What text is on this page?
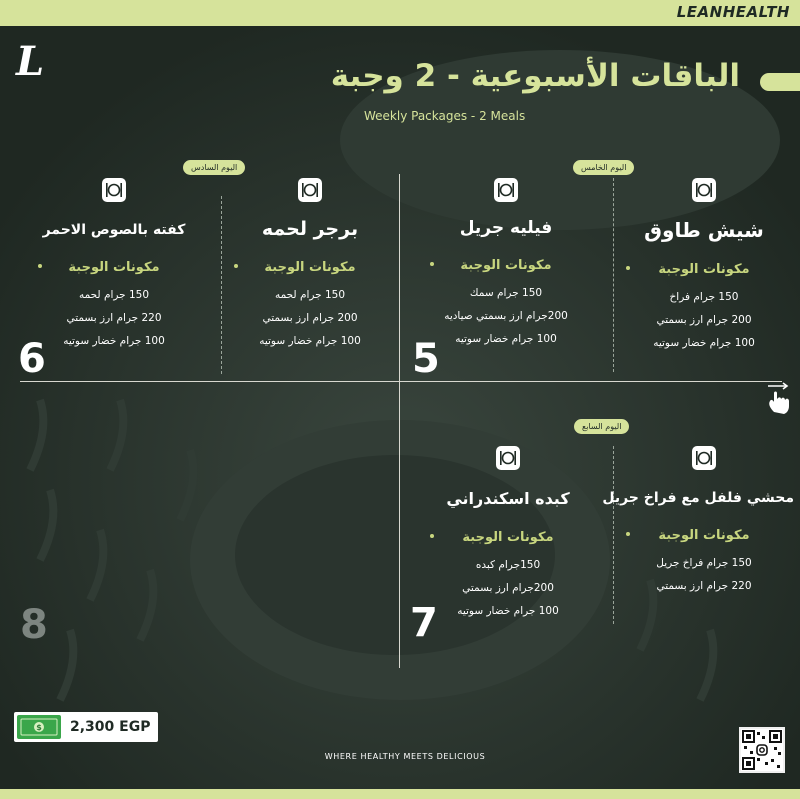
LEANHEALTH
L	الباقات الأسبوعية - 2 وجبة
Weekly Packages - 2 Meals
اليوم الخامس
اليوم السادس
اليوم السابع
شيش طاوق
مكونات الوجبة
150 جرام فراخ
200 جرام ارز بسمتي
100 جرام خضار سوتيه
فيليه جريل
مكونات الوجبة
150 جرام سمك
200جرام ارز بسمتي صياديه
100 جرام خضار سوتيه
برجر لحمه
مكونات الوجبة
150 جرام لحمه
200 جرام ارز بسمتي
100 جرام خضار سوتيه
كفته بالصوص الاحمر
مكونات الوجبة
150 جرام لحمه
220 جرام ارز بسمتي
100 جرام خضار سوتيه
محشي فلفل مع فراخ جريل
مكونات الوجبة
150 جرام فراخ جريل
220 جرام ارز بسمتي
كبده اسكندراني
مكونات الوجبة
150جرام كبده
200جرام ارز بسمتي
100 جرام خضار سوتيه
5
6
7
8
$ 2,300 EGP
WHERE HEALTHY MEETS DELICIOUS
